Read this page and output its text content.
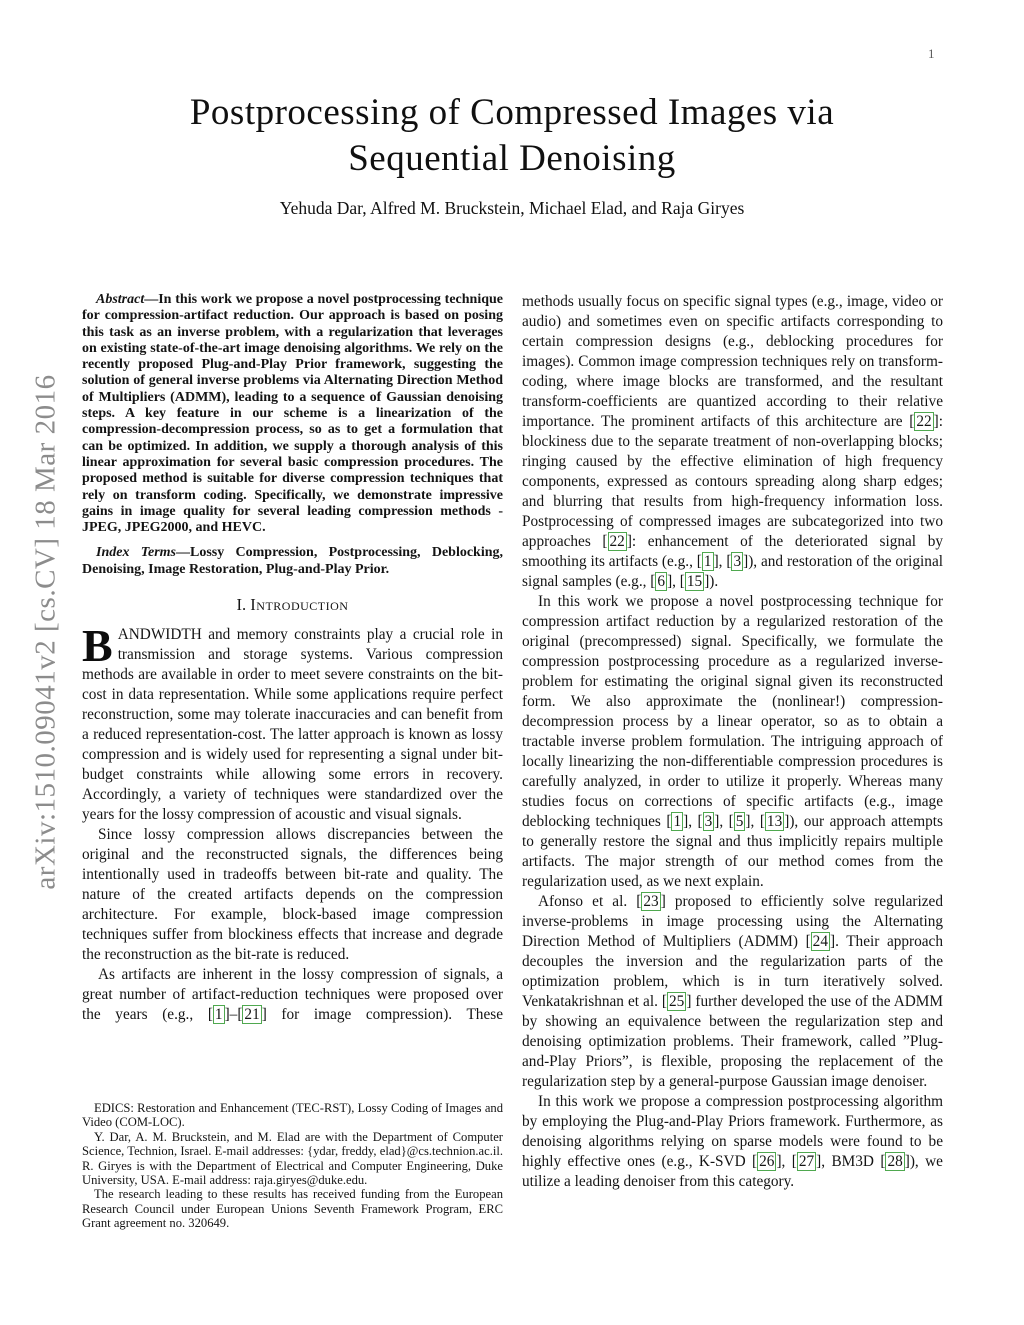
1
arXiv:1510.09041v2 [cs.CV] 18 Mar 2016
Postprocessing of Compressed Images via
Sequential Denoising
Yehuda Dar, Alfred M. Bruckstein, Michael Elad, and Raja Giryes

Abstract—In this work we propose a novel postprocessing technique for compression-artifact reduction. Our approach is based on posing this task as an inverse problem, with a regularization that leverages on existing state-of-the-art image denoising algorithms. We rely on the recently proposed Plug-and-Play Prior framework, suggesting the solution of general inverse problems via Alternating Direction Method of Multipliers (ADMM), leading to a sequence of Gaussian denoising steps. A key feature in our scheme is a linearization of the compression-decompression process, so as to get a formulation that can be optimized. In addition, we supply a thorough analysis of this linear approximation for several basic compression procedures. The proposed method is suitable for diverse compression techniques that rely on transform coding. Specifically, we demonstrate impressive gains in image quality for several leading compression methods - JPEG, JPEG2000, and HEVC.

Index Terms—Lossy Compression, Postprocessing, Deblocking, Denoising, Image Restoration, Plug-and-Play Prior.

I. Introduction

BANDWIDTH and memory constraints play a crucial role in transmission and storage systems. Various compression methods are available in order to meet severe constraints on the bit-cost in data representation. While some applications require perfect reconstruction, some may tolerate inaccuracies and can benefit from a reduced representation-cost. The latter approach is known as lossy compression and is widely used for representing a signal under bit-budget constraints while allowing some errors in recovery. Accordingly, a variety of techniques were standardized over the years for the lossy compression of acoustic and visual signals.

Since lossy compression allows discrepancies between the original and the reconstructed signals, the differences being intentionally used in tradeoffs between bit-rate and quality. The nature of the created artifacts depends on the compression architecture. For example, block-based image compression techniques suffer from blockiness effects that increase and degrade the reconstruction as the bit-rate is reduced.

As artifacts are inherent in the lossy compression of signals, a great number of artifact-reduction techniques were proposed over the years (e.g., [ 1 ]–[ 21 ] for image compression). These

methods usually focus on specific signal types (e.g., image, video or audio) and sometimes even on specific artifacts corresponding to certain compression designs (e.g., deblocking procedures for images). Common image compression techniques rely on transform-coding, where image blocks are transformed, and the resultant transform-coefficients are quantized according to their relative importance. The prominent artifacts of this architecture are [ 22 ]: blockiness due to the separate treatment of non-overlapping blocks; ringing caused by the effective elimination of high frequency components, expressed as contours spreading along sharp edges; and blurring that results from high-frequency information loss. Postprocessing of compressed images are subcategorized into two approaches [ 22 ]: enhancement of the deteriorated signal by smoothing its artifacts (e.g., [ 1 ], [ 3 ]), and restoration of the original signal samples (e.g., [ 6 ], [ 15 ]).

In this work we propose a novel postprocessing technique for compression artifact reduction by a regularized restoration of the original (precompressed) signal. Specifically, we formulate the compression postprocessing procedure as a regularized inverse-problem for estimating the original signal given its reconstructed form. We also approximate the (nonlinear!) compression-decompression process by a linear operator, so as to obtain a tractable inverse problem formulation. The intriguing approach of locally linearizing the non-differentiable compression procedures is carefully analyzed, in order to utilize it properly. Whereas many studies focus on corrections of specific artifacts (e.g., image deblocking techniques [ 1 ], [ 3 ], [ 5 ], [ 13 ]), our approach attempts to generally restore the signal and thus implicitly repairs multiple artifacts. The major strength of our method comes from the regularization used, as we next explain.

Afonso et al. [ 23 ] proposed to efficiently solve regularized inverse-problems in image processing using the Alternating Direction Method of Multipliers (ADMM) [ 24 ]. Their approach decouples the inversion and the regularization parts of the optimization problem, which is in turn iteratively solved. Venkatakrishnan et al. [ 25 ] further developed the use of the ADMM by showing an equivalence between the regularization step and denoising optimization problems. Their framework, called ”Plug-and-Play Priors”, is flexible, proposing the replacement of the regularization step by a general-purpose Gaussian image denoiser.

In this work we propose a compression postprocessing algorithm by employing the Plug-and-Play Priors framework. Furthermore, as denoising algorithms relying on sparse models were found to be highly effective ones (e.g., K-SVD [ 26 ], [ 27 ], BM3D [ 28 ]), we utilize a leading denoiser from this category.

EDICS: Restoration and Enhancement (TEC-RST), Lossy Coding of Images and Video (COM-LOC).

Y. Dar, A. M. Bruckstein, and M. Elad are with the Department of Computer Science, Technion, Israel. E-mail addresses: {ydar, freddy, elad}@cs.technion.ac.il. R. Giryes is with the Department of Electrical and Computer Engineering, Duke University, USA. E-mail address: raja.giryes@duke.edu.

The research leading to these results has received funding from the European Research Council under European Unions Seventh Framework Program, ERC Grant agreement no. 320649.
